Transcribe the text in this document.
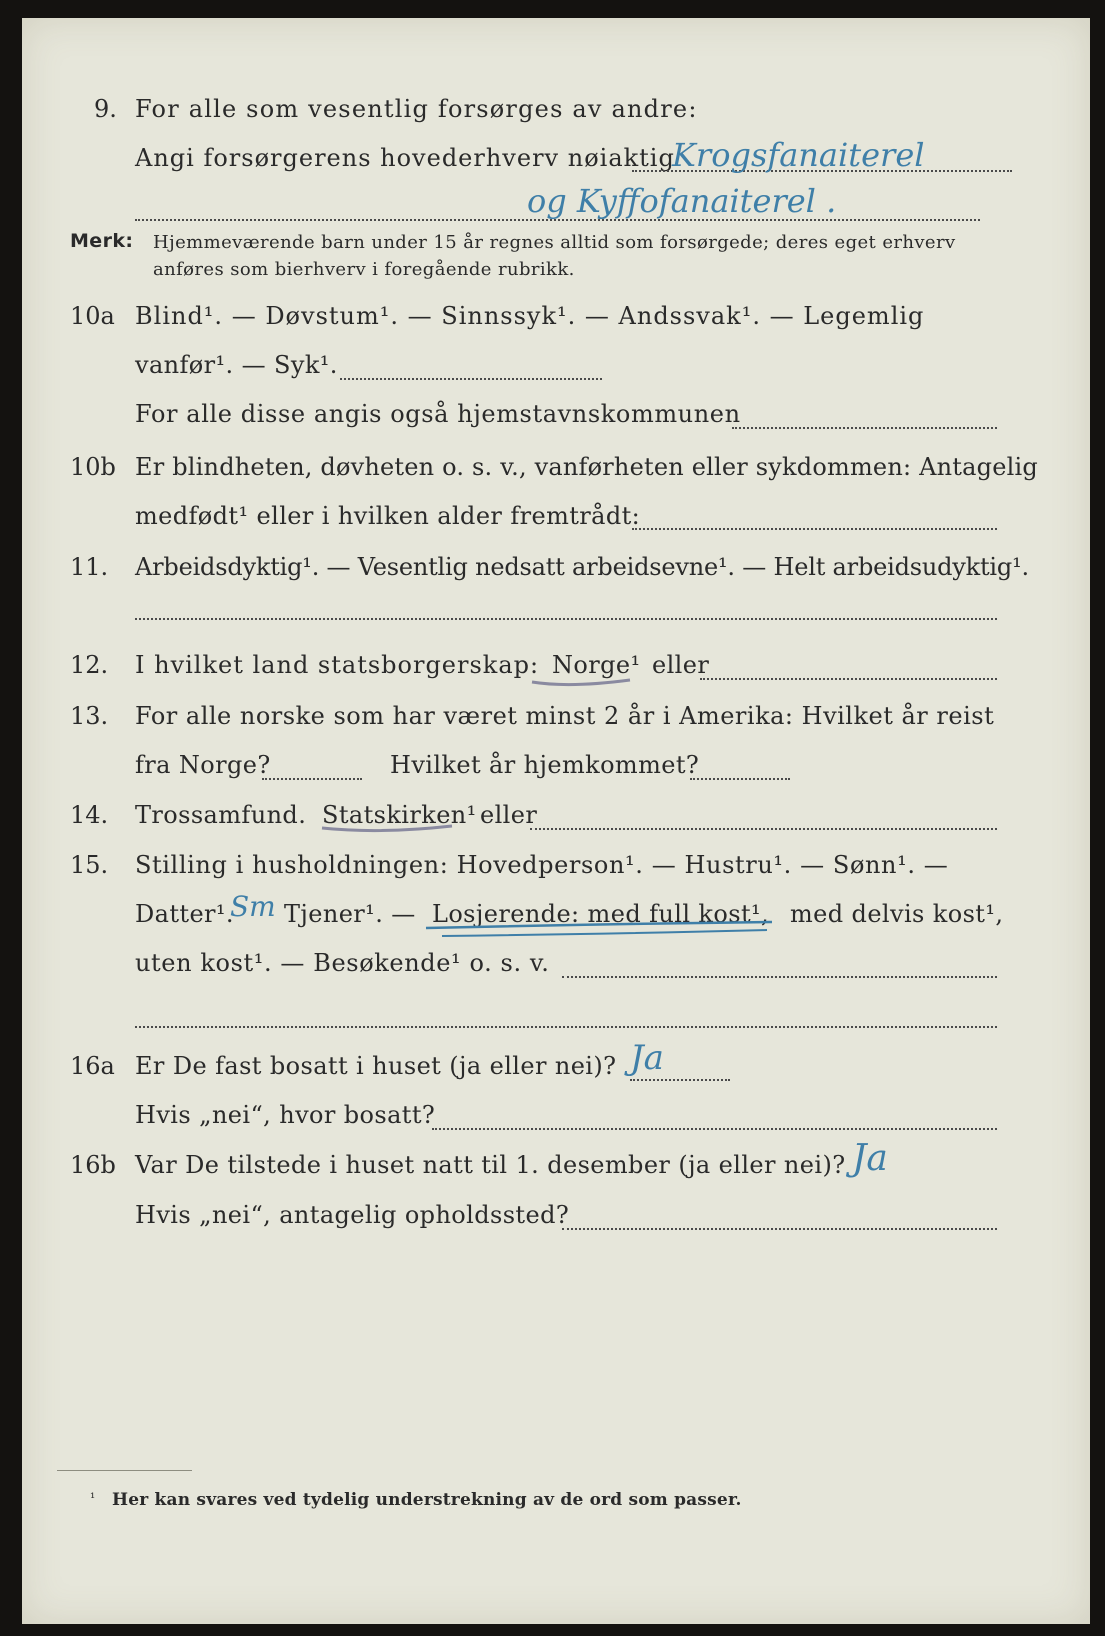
9. For alle som vesentlig forsørges av andre:
Angi forsørgerens hovederhverv nøiaktig
Krogsfanaiterel
og Kyffofanaiterel .
Merk: Hjemmeværende barn under 15 år regnes alltid som forsørgede; deres eget erhverv
anføres som bierhverv i foregående rubrikk.
10a Blind¹. — Døvstum¹. — Sinnssyk¹. — Andssvak¹. — Legemlig
vanfør¹. — Syk¹.
For alle disse angis også hjemstavnskommunen
10b Er blindheten, døvheten o. s. v., vanførheten eller sykdommen: Antagelig
medfødt¹ eller i hvilken alder fremtrådt:
11. Arbeidsdyktig¹. — Vesentlig nedsatt arbeidsevne¹. — Helt arbeidsudyktig¹.
12. I hvilket land statsborgerskap: Norge¹ eller
13. For alle norske som har været minst 2 år i Amerika: Hvilket år reist
fra Norge?	Hvilket år hjemkommet?
14. Trossamfund. Statskirken¹ eller
15. Stilling i husholdningen: Hovedperson¹. — Hustru¹. — Sønn¹. —
Datter¹.
Sm Tjener¹. — Losjerende: med full kost¹, med delvis kost¹,
uten kost¹. — Besøkende¹ o. s. v.
16a Er De fast bosatt i huset (ja eller nei)? Ja
Hvis „nei“, hvor bosatt?
16b Var De tilstede i huset natt til 1. desember (ja eller nei)? Ja
Hvis „nei“, antagelig opholdssted?
¹ Her kan svares ved tydelig understrekning av de ord som passer.
